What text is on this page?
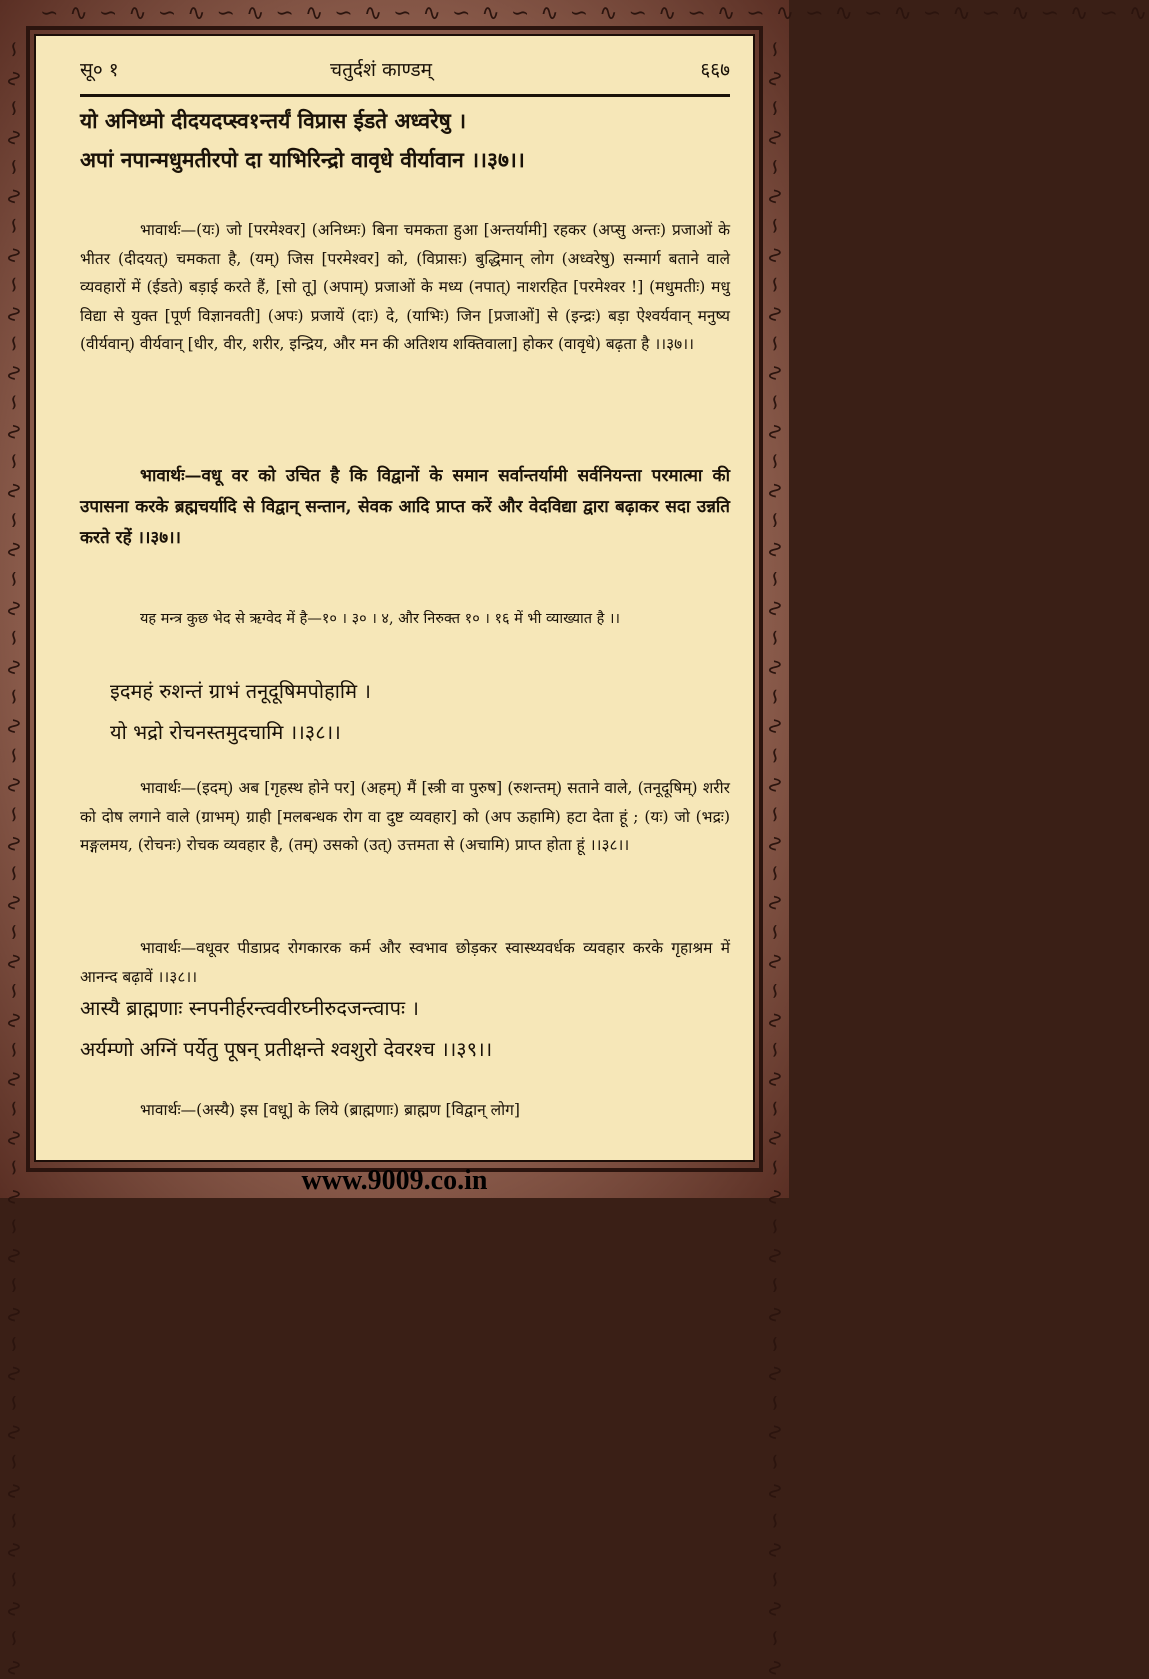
∽ ∿ ∽ ∿ ∽ ∿ ∽ ∿ ∽ ∿ ∽ ∿ ∽ ∿ ∽ ∿ ∽ ∿ ∽ ∿ ∽ ∿ ∽ ∿ ∽ ∿ ∽ ∿ ∽ ∿ ∽ ∿ ∽ ∿ ∽ ∿ ∽ ∿
∽ ∿ ∽ ∿ ∽ ∿ ∽ ∿ ∽ ∿ ∽ ∿ ∽ ∿ ∽ ∿ ∽ ∿ ∽ ∿ ∽ ∿ ∽ ∿ ∽ ∿ ∽ ∿ ∽ ∿ ∽ ∿ ∽ ∿ ∽ ∿ ∽ ∿ ∽ ∿ ∽ ∿ ∽ ∿ ∽ ∿ ∽ ∿ ∽ ∿ ∽ ∿ ∽ ∿ ∽ ∿	∽ ∿ ∽ ∿ ∽ ∿ ∽ ∿ ∽ ∿ ∽ ∿ ∽ ∿ ∽ ∿ ∽ ∿ ∽ ∿ ∽ ∿ ∽ ∿ ∽ ∿ ∽ ∿ ∽ ∿ ∽ ∿ ∽ ∿ ∽ ∿ ∽ ∿ ∽ ∿ ∽ ∿ ∽ ∿ ∽ ∿ ∽ ∿ ∽ ∿ ∽ ∿ ∽ ∿ ∽ ∿
सू० १	चतुर्दशं काण्डम्	६६७
यो अनिध्मो दीदयदप्स्व१न्तर्यं विप्रास ईडते अध्वरेषु ।
अपां नपान्मधुमतीरपो दा याभिरिन्द्रो वावृधे वीर्यावान ।।३७।।
भावार्थः—(यः) जो [परमेश्वर] (अनिध्मः) बिना चमकता हुआ [अन्तर्यामी] रहकर (अप्सु अन्तः) प्रजाओं के भीतर (दीदयत्) चमकता है, (यम्) जिस [परमेश्वर] को, (विप्रासः) बुद्धिमान् लोग (अध्वरेषु) सन्मार्ग बताने वाले व्यवहारों में (ईडते) बड़ाई करते हैं, [सो तू] (अपाम्) प्रजाओं के मध्य (नपात्) नाशरहित [परमेश्वर !] (मधुमतीः) मधु विद्या से युक्त [पूर्ण विज्ञानवती] (अपः) प्रजायें (दाः) दे, (याभिः) जिन [प्रजाओं] से (इन्द्रः) बड़ा ऐश्वर्यवान् मनुष्य (वीर्यवान्) वीर्यवान् [धीर, वीर, शरीर, इन्द्रिय, और मन की अतिशय शक्तिवाला] होकर (वावृधे) बढ़ता है ।।३७।।
भावार्थः—वधू वर को उचित है कि विद्वानों के समान सर्वान्तर्यामी सर्वनियन्ता परमात्मा की उपासना करके ब्रह्मचर्यादि से विद्वान् सन्तान, सेवक आदि प्राप्त करें और वेदविद्या द्वारा बढ़ाकर सदा उन्नति करते रहें ।।३७।।
यह मन्त्र कुछ भेद से ऋग्वेद में है—१० । ३० । ४, और निरुक्त १० । १६ में भी व्याख्यात है ।।
इदमहं रुशन्तं ग्राभं तनूदूषिमपोहामि ।
यो भद्रो रोचनस्तमुदचामि ।।३८।।
भावार्थः—(इदम्) अब [गृहस्थ होने पर] (अहम्) मैं [स्त्री वा पुरुष] (रुशन्तम्) सताने वाले, (तनूदूषिम्) शरीर को दोष लगाने वाले (ग्राभम्) ग्राही [मलबन्धक रोग वा दुष्ट व्यवहार] को (अप ऊहामि) हटा देता हूं ; (यः) जो (भद्रः) मङ्गलमय, (रोचनः) रोचक व्यवहार है, (तम्) उसको (उत्) उत्तमता से (अचामि) प्राप्त होता हूं ।।३८।।
भावार्थः—वधूवर पीडाप्रद रोगकारक कर्म और स्वभाव छोड़कर स्वास्थ्यवर्धक व्यवहार करके गृहाश्रम में आनन्द बढ़ावें ।।३८।।
आस्यै ब्राह्मणाः स्नपनीर्हरन्त्ववीरघ्नीरुदजन्त्वापः ।
अर्यम्णो अग्निं पर्येतु पूषन् प्रतीक्षन्ते श्वशुरो देवरश्च ।।३९।।
भावार्थः—(अस्यै) इस [वधू] के लिये (ब्राह्मणाः) ब्राह्मण [विद्वान् लोग]
www.9009.co.in
